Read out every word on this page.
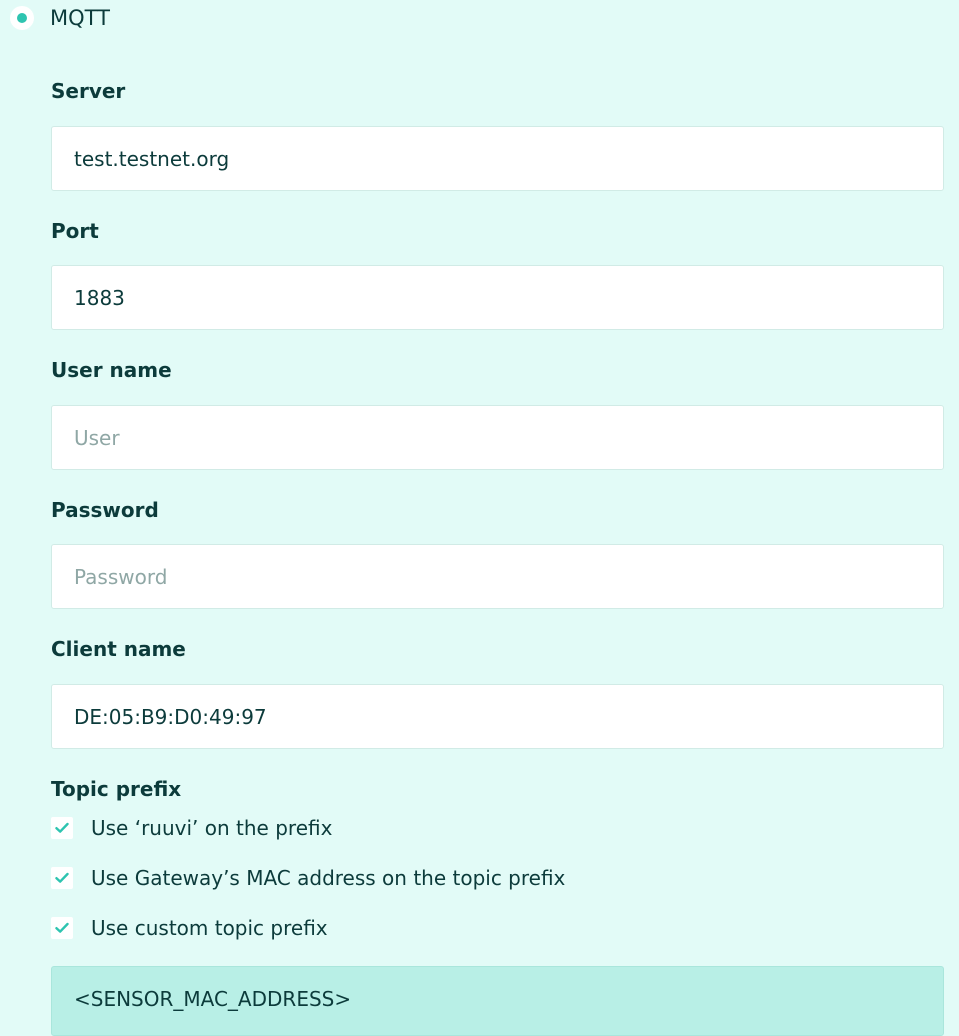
MQTT
Server
test.testnet.org
Port
1883
User name
User
Password
Client name
DE:05:B9:D0:49:97
Topic prefix
Use ‘ruuvi’ on the prefix
Use Gateway’s MAC address on the topic prefix
Use custom topic prefix
<SENSOR_MAC_ADDRESS>
